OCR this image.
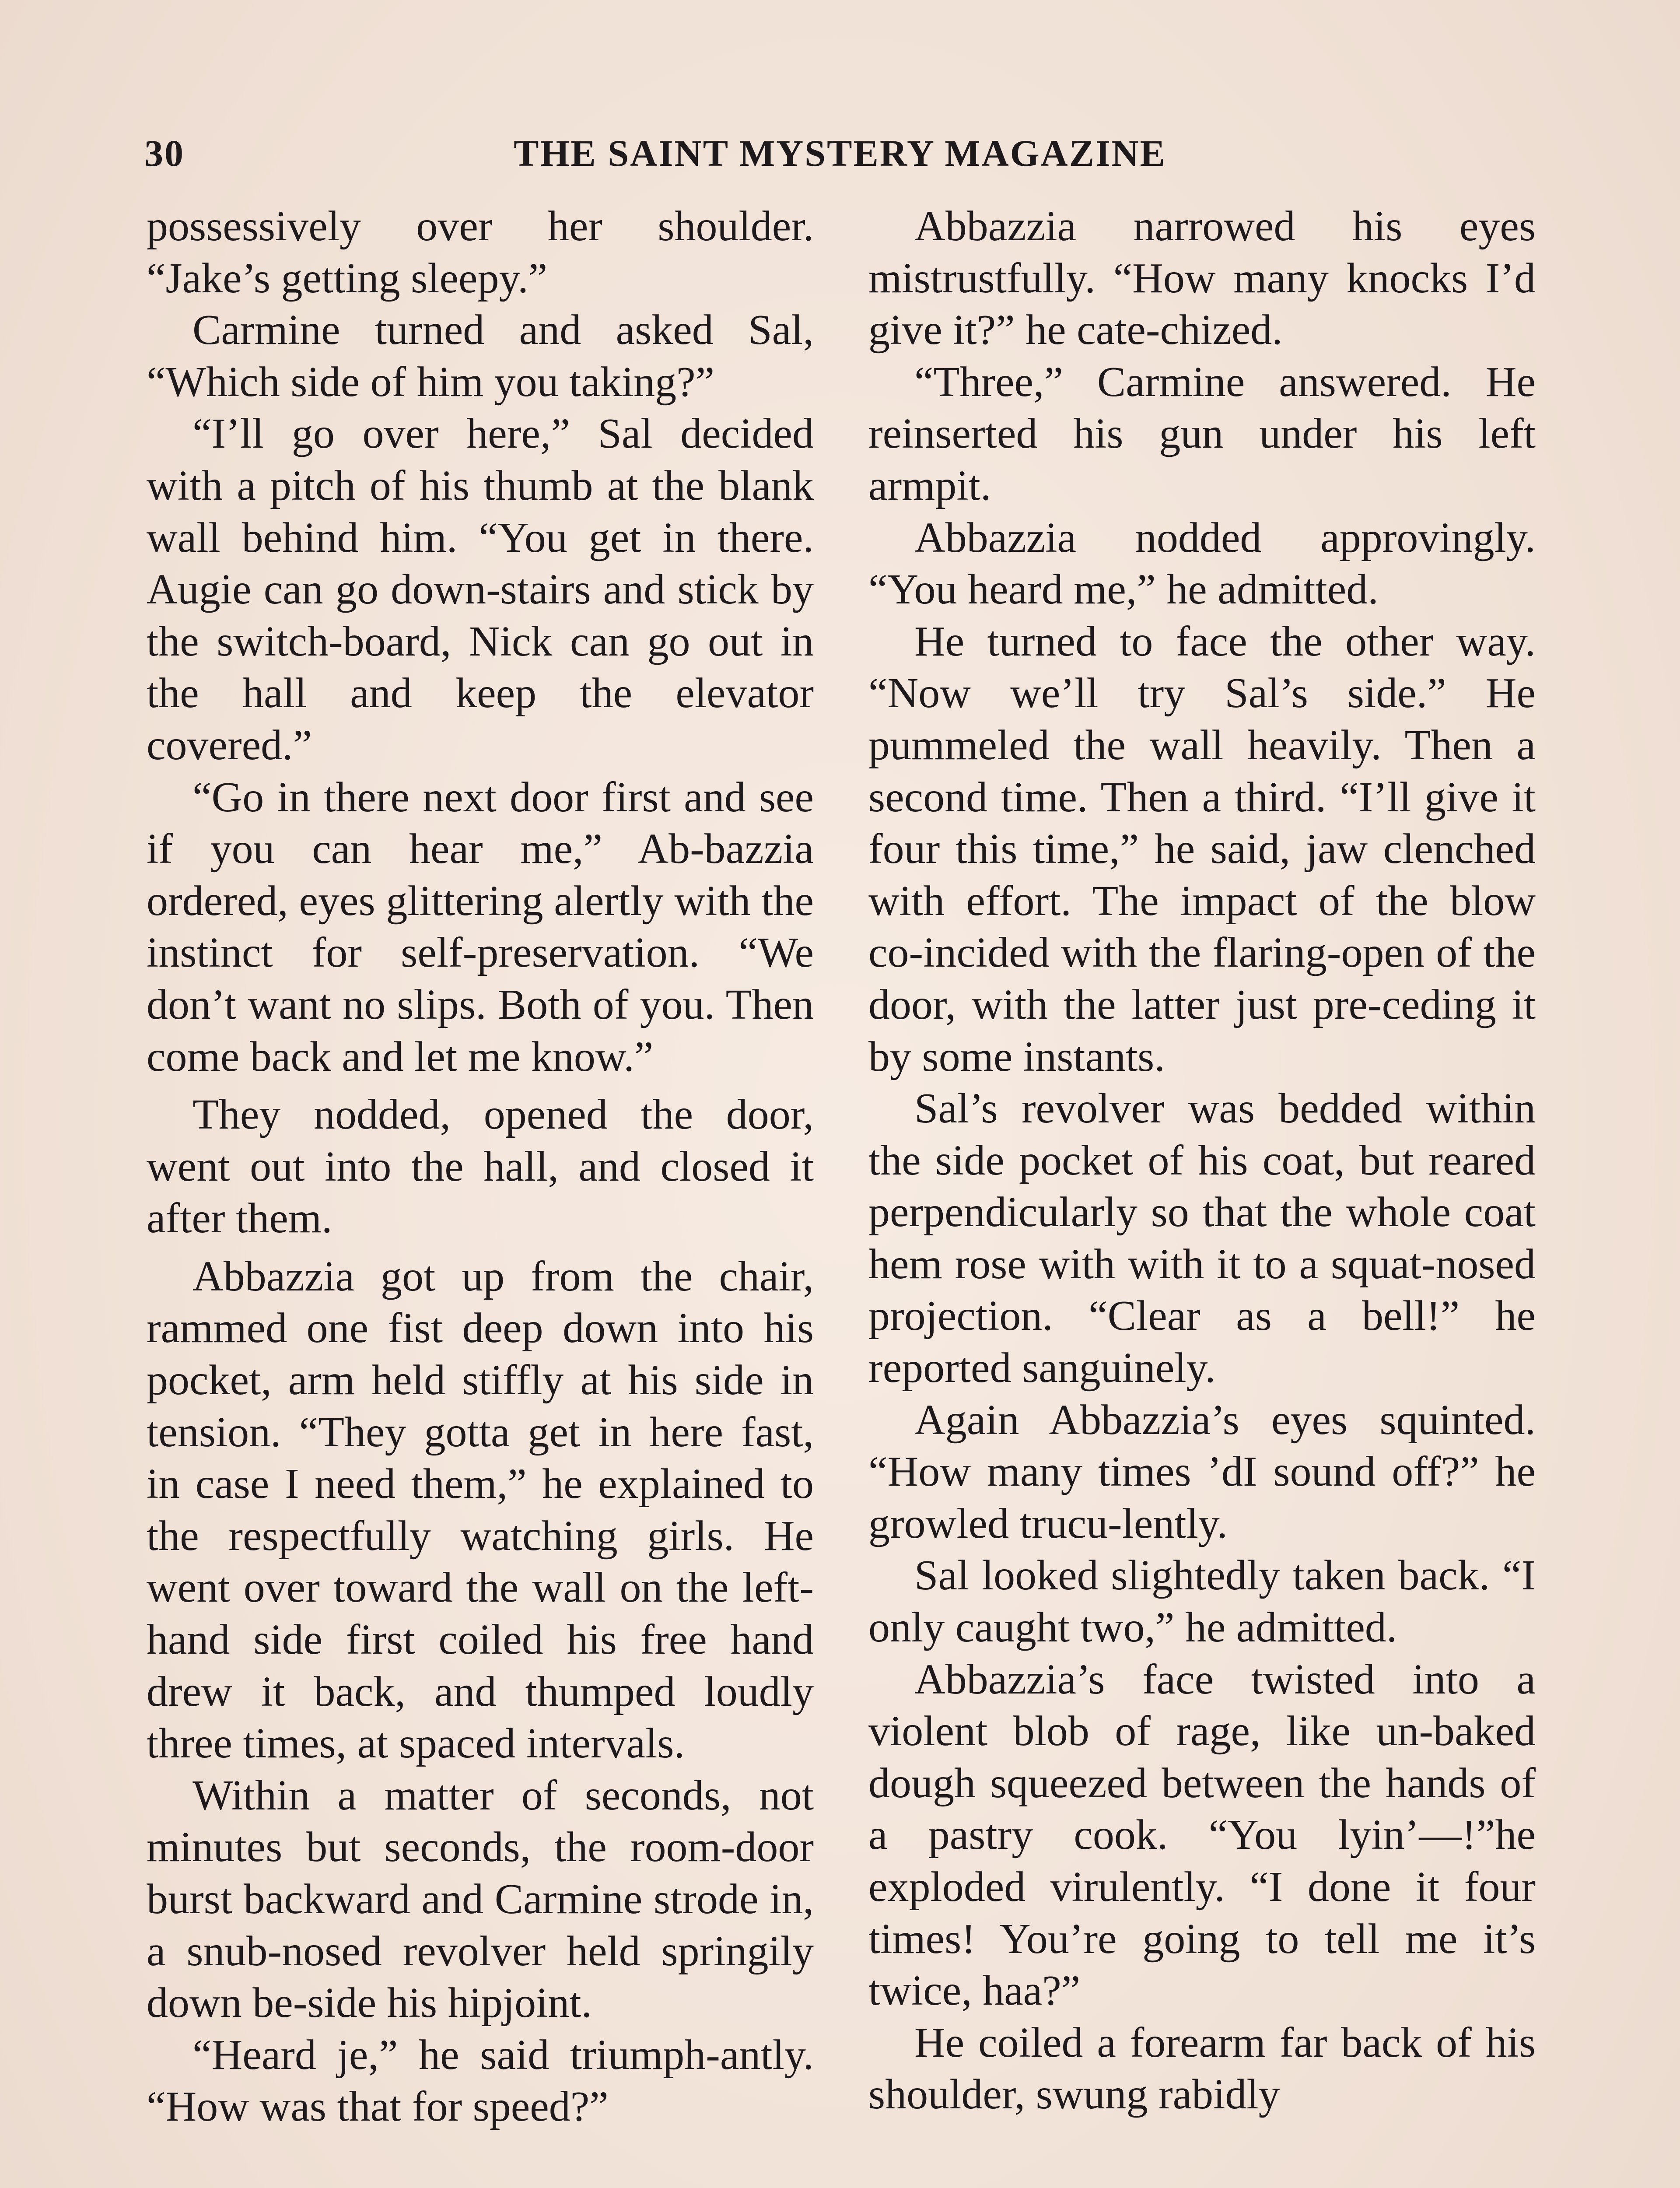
30	THE SAINT MYSTERY MAGAZINE

possessively over her shoulder. “Jake’s getting sleepy.”

Carmine turned and asked Sal, “Which side of him you taking?”

“I’ll go over here,” Sal decided with a pitch of his thumb at the blank wall behind him. “You get in there. Augie can go down-stairs and stick by the switch-board, Nick can go out in the hall and keep the elevator covered.”

“Go in there next door first and see if you can hear me,” Ab-bazzia ordered, eyes glittering alertly with the instinct for self-preservation. “We don’t want no slips. Both of you. Then come back and let me know.”

They nodded, opened the door, went out into the hall, and closed it after them.

Abbazzia got up from the chair, rammed one fist deep down into his pocket, arm held stiffly at his side in tension. “They gotta get in here fast, in case I need them,” he explained to the respectfully watching girls. He went over toward the wall on the left-hand side first coiled his free hand drew it back, and thumped loudly three times, at spaced intervals.

Within a matter of seconds, not minutes but seconds, the room-door burst backward and Carmine strode in, a snub-nosed revolver held springily down be-side his hipjoint.

“Heard je,” he said triumph-antly. “How was that for speed?”

Abbazzia narrowed his eyes mistrustfully. “How many knocks I’d give it?” he cate-chized.

“Three,” Carmine answered. He reinserted his gun under his left armpit.

Abbazzia nodded approvingly. “You heard me,” he admitted.

He turned to face the other way. “Now we’ll try Sal’s side.” He pummeled the wall heavily. Then a second time. Then a third. “I’ll give it four this time,” he said, jaw clenched with effort. The impact of the blow co-incided with the flaring-open of the door, with the latter just pre-ceding it by some instants.

Sal’s revolver was bedded within the side pocket of his coat, but reared perpendicularly so that the whole coat hem rose with with it to a squat-nosed projection. “Clear as a bell!” he reported sanguinely.

Again Abbazzia’s eyes squinted. “How many times ’dI sound off?” he growled trucu-lently.

Sal looked slightedly taken back. “I only caught two,” he admitted.

Abbazzia’s face twisted into a violent blob of rage, like un-baked dough squeezed between the hands of a pastry cook. “You lyin’—!”he exploded virulently. “I done it four times! You’re going to tell me it’s twice, haa?”

He coiled a forearm far back of his shoulder, swung rabidly
